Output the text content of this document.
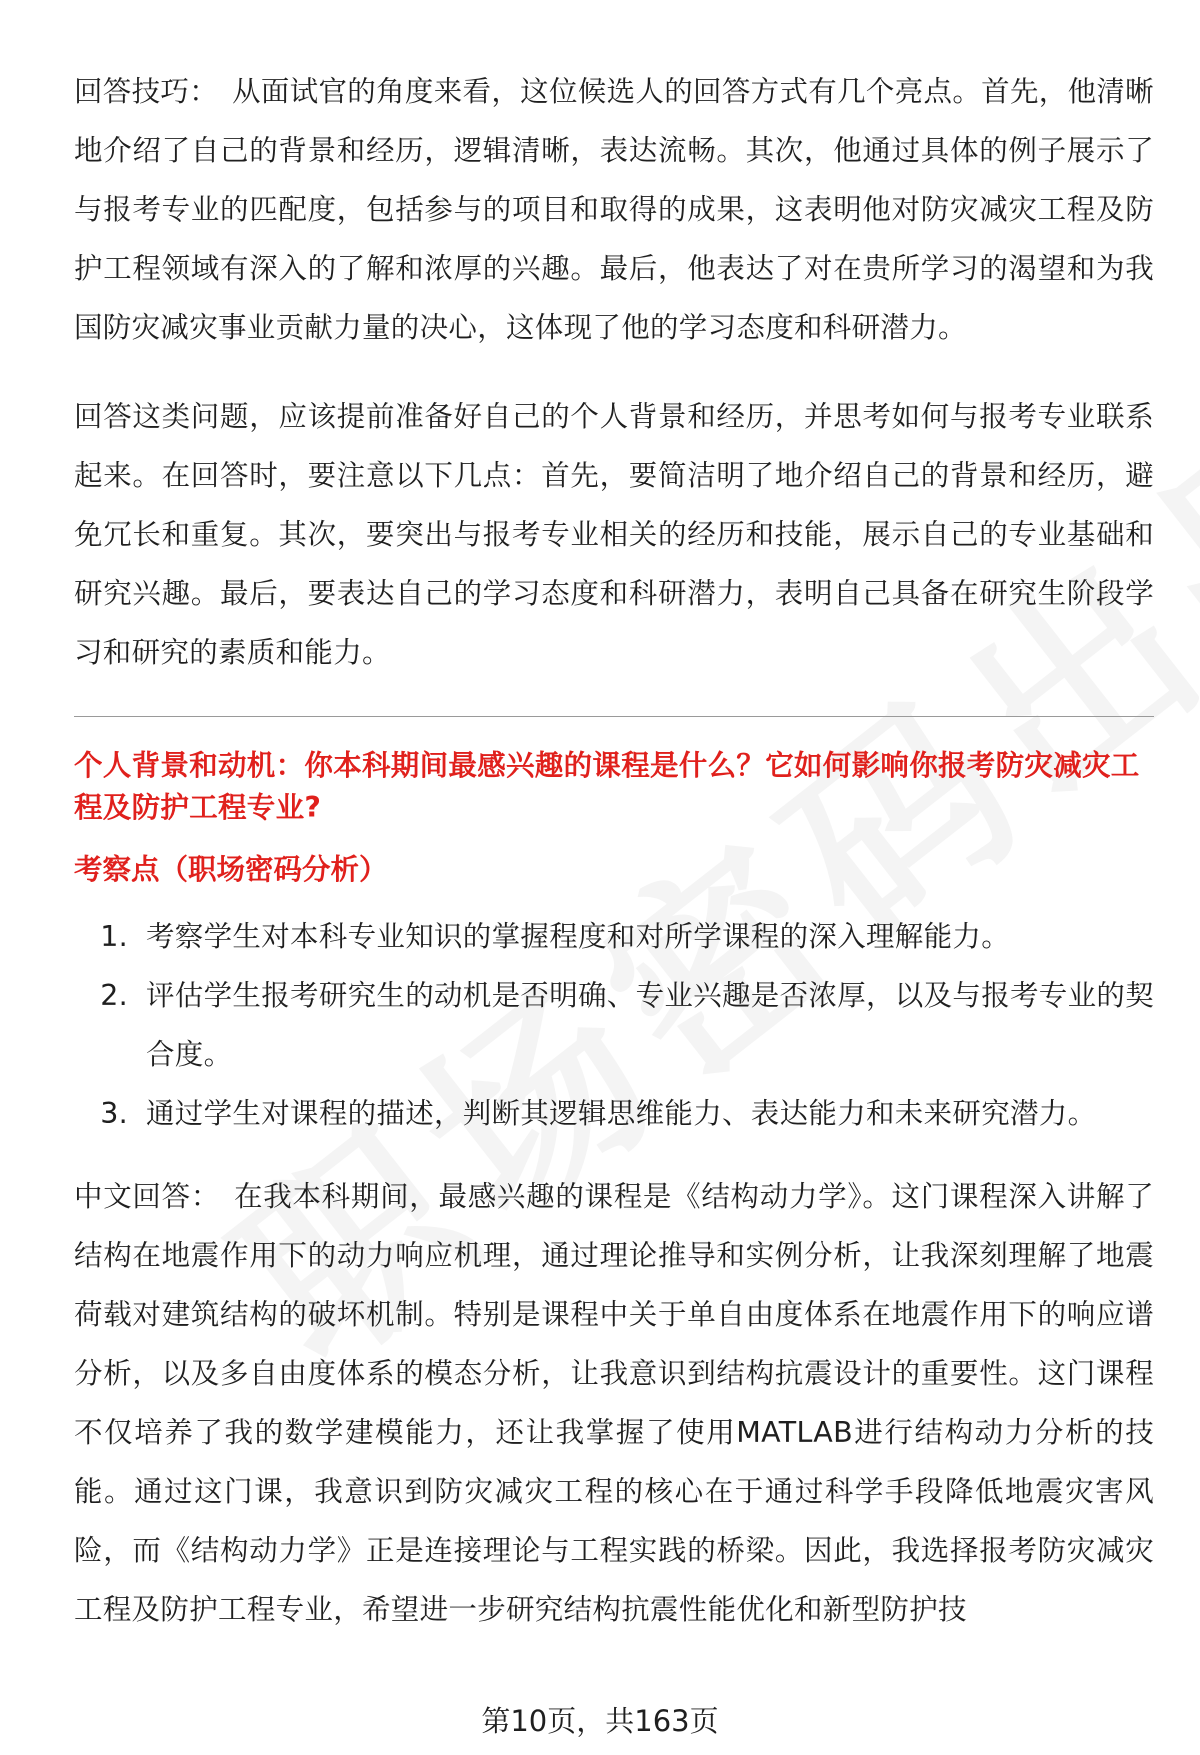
回答技巧： 从面试官的角度来看，这位候选人的回答方式有几个亮点。首先，他清晰地介绍了自己的背景和经历，逻辑清晰，表达流畅。其次，他通过具体的例子展示了与报考专业的匹配度，包括参与的项目和取得的成果，这表明他对防灾减灾工程及防护工程领域有深入的了解和浓厚的兴趣。最后，他表达了对在贵所学习的渴望和为我国防灾减灾事业贡献力量的决心，这体现了他的学习态度和科研潜力。

回答这类问题，应该提前准备好自己的个人背景和经历，并思考如何与报考专业联系起来。在回答时，要注意以下几点：首先，要简洁明了地介绍自己的背景和经历，避免冗长和重复。其次，要突出与报考专业相关的经历和技能，展示自己的专业基础和研究兴趣。最后，要表达自己的学习态度和科研潜力，表明自己具备在研究生阶段学习和研究的素质和能力。

个人背景和动机：你本科期间最感兴趣的课程是什么？它如何影响你报考防灾减灾工程及防护工程专业?
考察点（职场密码分析）
1. 考察学生对本科专业知识的掌握程度和对所学课程的深入理解能力。
2. 评估学生报考研究生的动机是否明确、专业兴趣是否浓厚，以及与报考专业的契合度。
3. 通过学生对课程的描述，判断其逻辑思维能力、表达能力和未来研究潜力。

中文回答： 在我本科期间，最感兴趣的课程是《结构动力学》。这门课程深入讲解了结构在地震作用下的动力响应机理，通过理论推导和实例分析，让我深刻理解了地震荷载对建筑结构的破坏机制。特别是课程中关于单自由度体系在地震作用下的响应谱分析，以及多自由度体系的模态分析，让我意识到结构抗震设计的重要性。这门课程不仅培养了我的数学建模能力，还让我掌握了使用MATLAB进行结构动力分析的技能。通过这门课，我意识到防灾减灾工程的核心在于通过科学手段降低地震灾害风险，而《结构动力学》正是连接理论与工程实践的桥梁。因此，我选择报考防灾减灾工程及防护工程专业，希望进一步研究结构抗震性能优化和新型防护技

第10页，共163页
